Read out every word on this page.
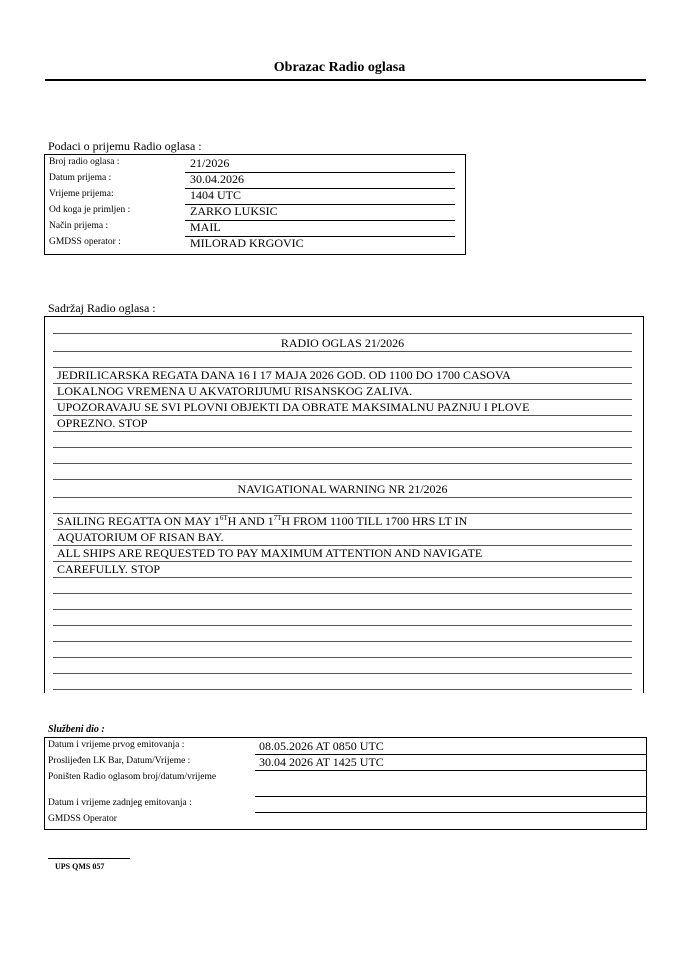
Obrazac Radio oglasa
Podaci o prijemu Radio oglasa :
Broj radio oglasa :	21/2026
Datum prijema :	30.04.2026
Vrijeme prijema:	1404 UTC
Od koga je primljen :	ZARKO LUKSIC
Način prijema :	MAIL
GMDSS operator :	MILORAD KRGOVIC
Sadržaj Radio oglasa :
RADIO OGLAS 21/2026
JEDRILICARSKA REGATA DANA 16 I 17 MAJA 2026 GOD. OD 1100 DO 1700 CASOVA
LOKALNOG VREMENA U AKVATORIJUMU RISANSKOG ZALIVA.
UPOZORAVAJU SE SVI PLOVNI OBJEKTI DA OBRATE MAKSIMALNU PAZNJU I PLOVE
OPREZNO. STOP
NAVIGATIONAL WARNING NR 21/2026
SAILING REGATTA ON MAY $1^{6T}H$ AND $1^{7T}H$ FROM 1100 TILL 1700 HRS LT IN
AQUATORIUM OF RISAN BAY.
ALL SHIPS ARE REQUESTED TO PAY MAXIMUM ATTENTION AND NAVIGATE
CAREFULLY. STOP
Službeni dio :
Datum i vrijeme prvog emitovanja :	08.05.2026 AT 0850 UTC
Proslijeđen LK Bar, Datum/Vrijeme :	30.04 2026 AT 1425 UTC
Poništen Radio oglasom broj/datum/vrijeme
Datum i vrijeme zadnjeg emitovanja :
GMDSS Operator
UPS QMS 057
